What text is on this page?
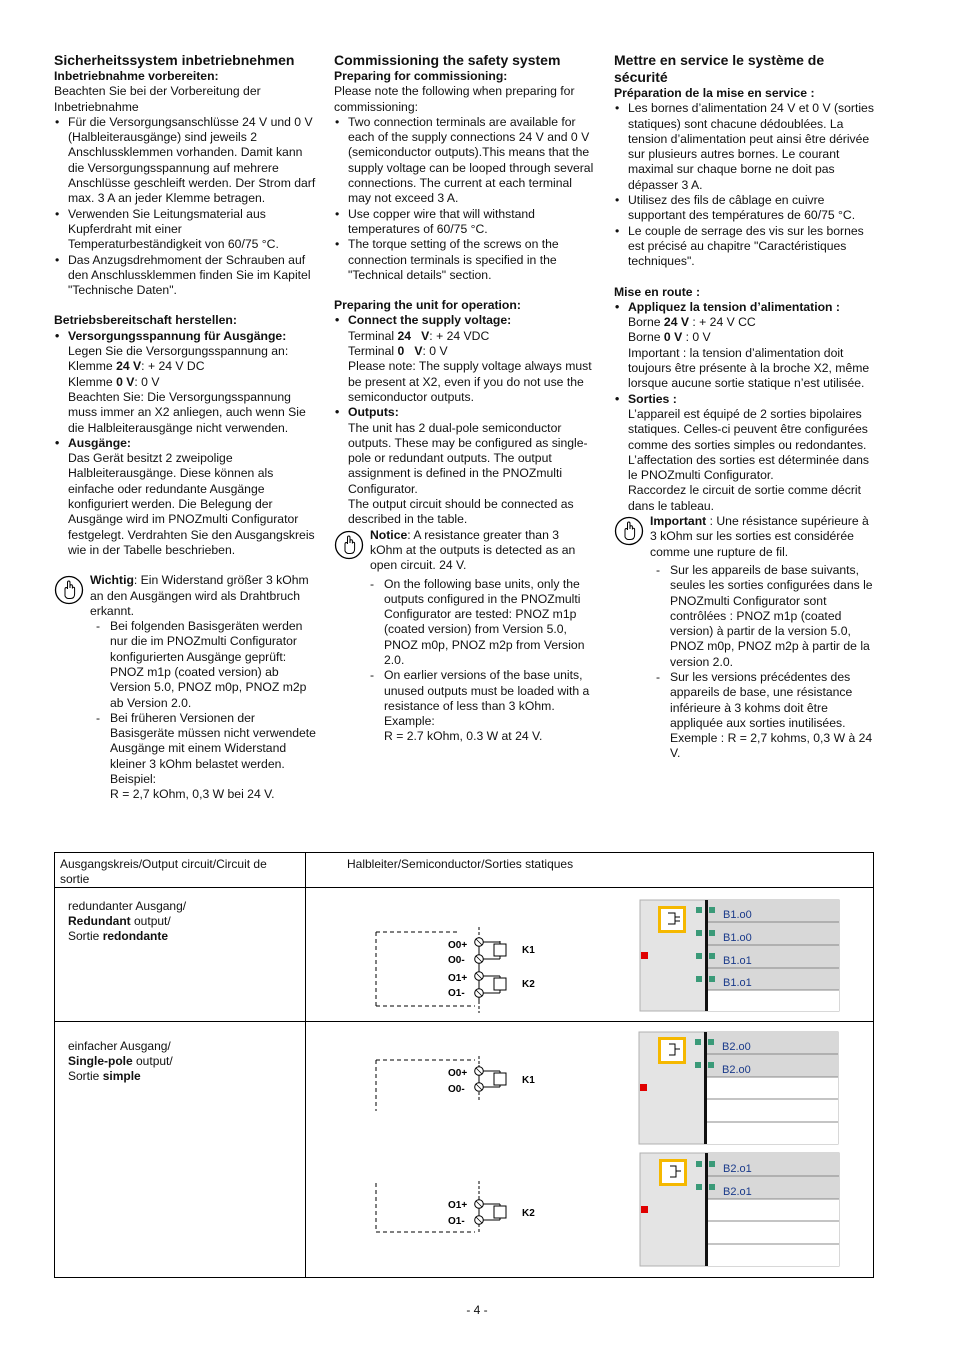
Sicherheitssystem inbetriebnehmen

Inbetriebnahme vorbereiten:

Beachten Sie bei der Vorbereitung der Inbetriebnahme

• Für die Versorgungsanschlüsse 24 V und 0 V (Halbleiterausgänge) sind jeweils 2 Anschlussklemmen vorhanden. Damit kann die Versorgungsspannung auf mehrere Anschlüsse geschleift werden. Der Strom darf max. 3 A an jeder Klemme betragen.
• Verwenden Sie Leitungsmaterial aus Kupferdraht mit einer Temperaturbeständigkeit von 60/75 °C.
• Das Anzugsdrehmoment der Schrauben auf den Anschlussklemmen finden Sie im Kapitel "Technische Daten".

Betriebsbereitschaft herstellen:

• Versorgungsspannung für Ausgänge:
Legen Sie die Versorgungsspannung an:
Klemme 24 V: + 24 V DC
Klemme 0 V: 0 V
Beachten Sie: Die Versorgungsspannung muss immer an X2 anliegen, auch wenn Sie die Halbleiterausgänge nicht verwenden.
• Ausgänge:
Das Gerät besitzt 2 zweipolige Halbleiterausgänge. Diese können als einfache oder redundante Ausgänge konfiguriert werden. Die Belegung der Ausgänge wird im PNOZmulti Configurator festgelegt. Verdrahten Sie den Ausgangskreis wie in der Tabelle beschrieben.
Wichtig: Ein Widerstand größer 3 kOhm an den Ausgängen wird als Drahtbruch erkannt.
- Bei folgenden Basisgeräten werden nur die im PNOZmulti Configurator konfigurierten Ausgänge geprüft: PNOZ m1p (coated version) ab Version 5.0, PNOZ m0p, PNOZ m2p ab Version 2.0.
- Bei früheren Versionen der Basisgeräte müssen nicht verwendete Ausgänge mit einem Widerstand kleiner 3 kOhm belastet werden. Beispiel:
R = 2,7 kOhm, 0,3 W bei 24 V.
Commissioning the safety system

Preparing for commissioning:

Please note the following when preparing for commissioning:

• Two connection terminals are available for each of the supply connections 24 V and 0 V (semiconductor outputs).This means that the supply voltage can be looped through several connections. The current at each terminal may not exceed 3 A.
• Use copper wire that will withstand temperatures of 60/75 °C.
• The torque setting of the screws on the connection terminals is specified in the "Technical details" section.

Preparing the unit for operation:

• Connect the supply voltage:
Terminal 24   V: + 24 VDC
Terminal 0   V: 0 V
Please note: The supply voltage always must be present at X2, even if you do not use the semiconductor outputs.
• Outputs:
The unit has 2 dual-pole semiconductor outputs. These may be configured as single-pole or redundant outputs. The output assignment is defined in the PNOZmulti Configurator.
The output circuit should be connected as described in the table.
Notice: A resistance greater than 3 kOhm at the outputs is detected as an open circuit. 24 V.
- On the following base units, only the outputs configured in the PNOZmulti Configurator are tested: PNOZ m1p (coated version) from Version 5.0, PNOZ m0p, PNOZ m2p from Version 2.0.
- On earlier versions of the base units, unused outputs must be loaded with a resistance of less than 3 kOhm. Example:
R = 2.7 kOhm, 0.3 W at 24 V.
Mettre en service le système de sécurité

Préparation de la mise en service :

• Les bornes d’alimentation 24 V et 0 V (sorties statiques) sont chacune dédoublées. La tension d’alimentation peut ainsi être dérivée sur plusieurs autres bornes. Le courant maximal sur chaque borne ne doit pas dépasser 3 A.
• Utilisez des fils de câblage en cuivre supportant des températures de 60/75 °C.
• Le couple de serrage des vis sur les bornes est précisé au chapitre "Caractéristiques techniques".

Mise en route :

• Appliquez la tension d’alimentation :
Borne 24 V : + 24 V CC
Borne 0 V : 0 V
Important : la tension d’alimentation doit toujours être présente à la broche X2, même lorsque aucune sortie statique n’est utilisée.
• Sorties :
L’appareil est équipé de 2 sorties bipolaires statiques. Celles-ci peuvent être configurées comme des sorties simples ou redondantes. L’affectation des sorties est déterminée dans le PNOZmulti Configurator.
Raccordez le circuit de sortie comme décrit dans le tableau.
Important : Une résistance supérieure à 3 kOhm sur les sorties est considérée comme une rupture de fil.
- Sur les appareils de base suivants, seules les sorties configurées dans le PNOZmulti Configurator sont contrôlées : PNOZ m1p (coated version) à partir de la version 5.0, PNOZ m0p, PNOZ m2p à partir de la version 2.0.
- Sur les versions précédentes des appareils de base, une résistance inférieure à 3 kohms doit être appliquée aux sorties inutilisées. Exemple : R = 2,7 kohms, 0,3 W à 24 V.
Ausgangskreis/Output circuit/Circuit de sortie
Halbleiter/Semiconductor/Sorties statiques
redundanter Ausgang/
Redundant output/
Sortie redondante
einfacher Ausgang/
Single-pole output/
Sortie simple
O0+
O0-
O1+
O1-
K1
K2
O0+
O0-
K1
O1+
O1-
K2
B1.o0
B1.o0
B1.o1
B1.o1
B2.o0
B2.o0
B2.o1
B2.o1
- 4 -
